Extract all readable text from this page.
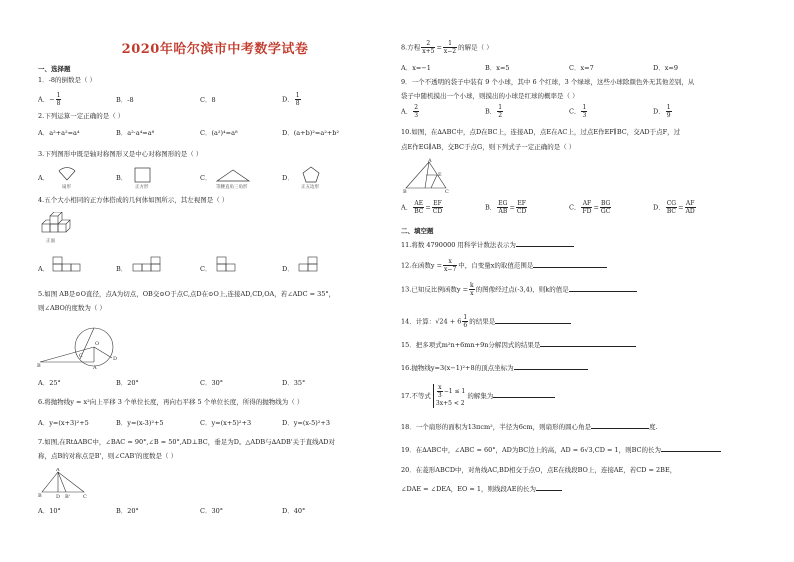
2020年哈尔滨市中考数学试卷
一、选择题
1．-8的倒数是（ ）
A．− $\frac{1}{8}$	B．-8	C．8	D． $\frac{1}{8}$
2.下列运算一定正确的是（ ）
A．a²+a²=a⁴	B．a²·a⁴=a⁸	C．(a²)⁴=a⁸	D．(a+b)²=a²+b²
3.下列图形中既是轴对称图形又是中心对称图形的是（ ）
A．
扇形
B．
正方形
C．
等腰直角三角形
D．
正五边形
4.五个大小相同的正方体搭成的几何体如图所示，其左视图是（ ）
正面
A．	B．	C．	D．
5.如图 AB是⊙O直径，点A为切点，OB交⊙O于点C,点D在⊙O上,连接AD,CD,OA，若∠ADC = 35°，
则∠ABO的度数为（ ）
B	A
O
C	D
A．25°	B．20°	C．30°	D．35°
6.将抛物线y = x²向上平移 3 个单位长度，再向右平移 5 个单位长度，所得的抛物线为（ ）
A．y=(x+3)²+5	B．y=(x-3)²+5	C．y=(x+5)²+3	D．y=(x-5)²+3
7.如图,在Rt∆ABC中，∠BAC = 90°,∠B = 50°,AD⊥BC，垂足为D。△ADB与∆ADB'关于直线AD对
称，点B的对称点是B'，则∠CAB'的度数是（ ）
B
A
D B'	C
A．10°	B．20°	C．30°	D．40°
8.方程 $\frac{2}{x+5} = \frac{1}{x-2}$ 的解是（ ）
A．x=−1	B．x=5	C．x=7	D．x=9
9．一个不透明的袋子中装有 9 个小球，其中 6 个红球，3 个绿球，这些小球除颜色外无其他差别，从
袋子中随机摸出一个小球，则摸出的小球是红球的概率是（ ）
A． $\frac{2}{3}$	B． $\frac{1}{2}$	C． $\frac{1}{3}$	D． $\frac{1}{9}$
10.如图，在∆ABC中，点D在BC上，连接AD，点E在AC上，过点E作EF∥BC，交AD于点F，过
点E作EG∥AB，交BC于点G，则下列式子一定正确的是（ ）
B
A
C
E
A． $\frac{AE}{BC} = \frac{EF}{CD}$	B． $\frac{EG}{AB} = \frac{EF}{CD}$	C． $\frac{AF}{FD} = \frac{BG}{GC}$	D． $\frac{CG}{BC} = \frac{AF}{AD}$
二、填空题
11.将数 4790000 用科学计数法表示为
12.在函数$y = \frac{x}{x-7}$ 中，自变量x的取值范围是
13.已知反比例函数$y = \frac{k}{x}$ 的图像经过点(-3,4)，则k的值是
14．计算：$√24 + 6 \frac{1}{6}$ 的结果是
15．把多项式m²n+6mn+9n分解因式的结果是
16.抛物线y=3(x−1)²+8的顶点坐标为
17.不等式 $\frac{x}{3} -1 \le 1$
3x+5 < 2
的解集为
18．一个扇形的面积为13πcm²，半径为6cm，则扇形的圆心角是	度.
19．在∆ABC中，∠ABC = 60°，AD为BC边上的高，AD = 6√3,CD = 1，则BC的长为
20．在菱形ABCD中，对角线AC,BD相交于点O，点E在线段BO上，连接AE，若CD = 2BE，
∠DAE = ∠DEA，EO = 1，则线段AE的长为
